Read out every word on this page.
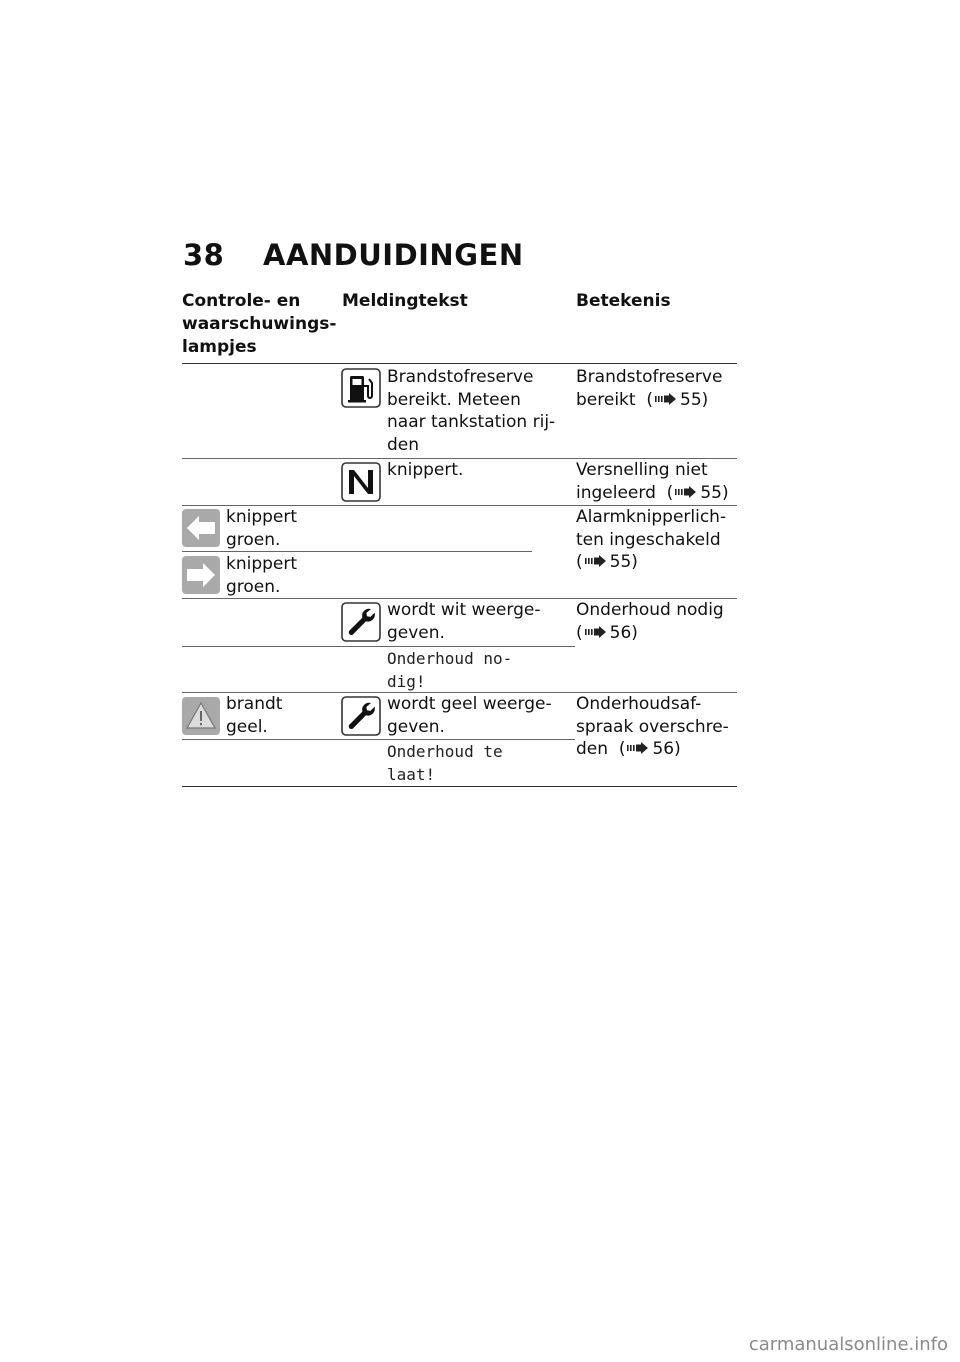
38 AANDUIDINGEN
Controle- en
waarschuwings-
lampjes
Meldingtekst	Betekenis
Brandstofreserve
bereikt. Meteen
naar tankstation rij-
den
Brandstofreserve
bereikt  ( 55)
knippert.	Versnelling niet
ingeleerd  ( 55)
knippert
groen.
knippert
groen.
Alarmknipperlich-
ten ingeschakeld
( 55)
wordt wit weerge-
geven.
Onderhoud no-
dig!
Onderhoud nodig
( 56)
brandt
geel.
wordt geel weerge-
geven.
Onderhoud te
laat!
Onderhoudsaf-
spraak overschre-
den  ( 56)
carmanualsonline.info
